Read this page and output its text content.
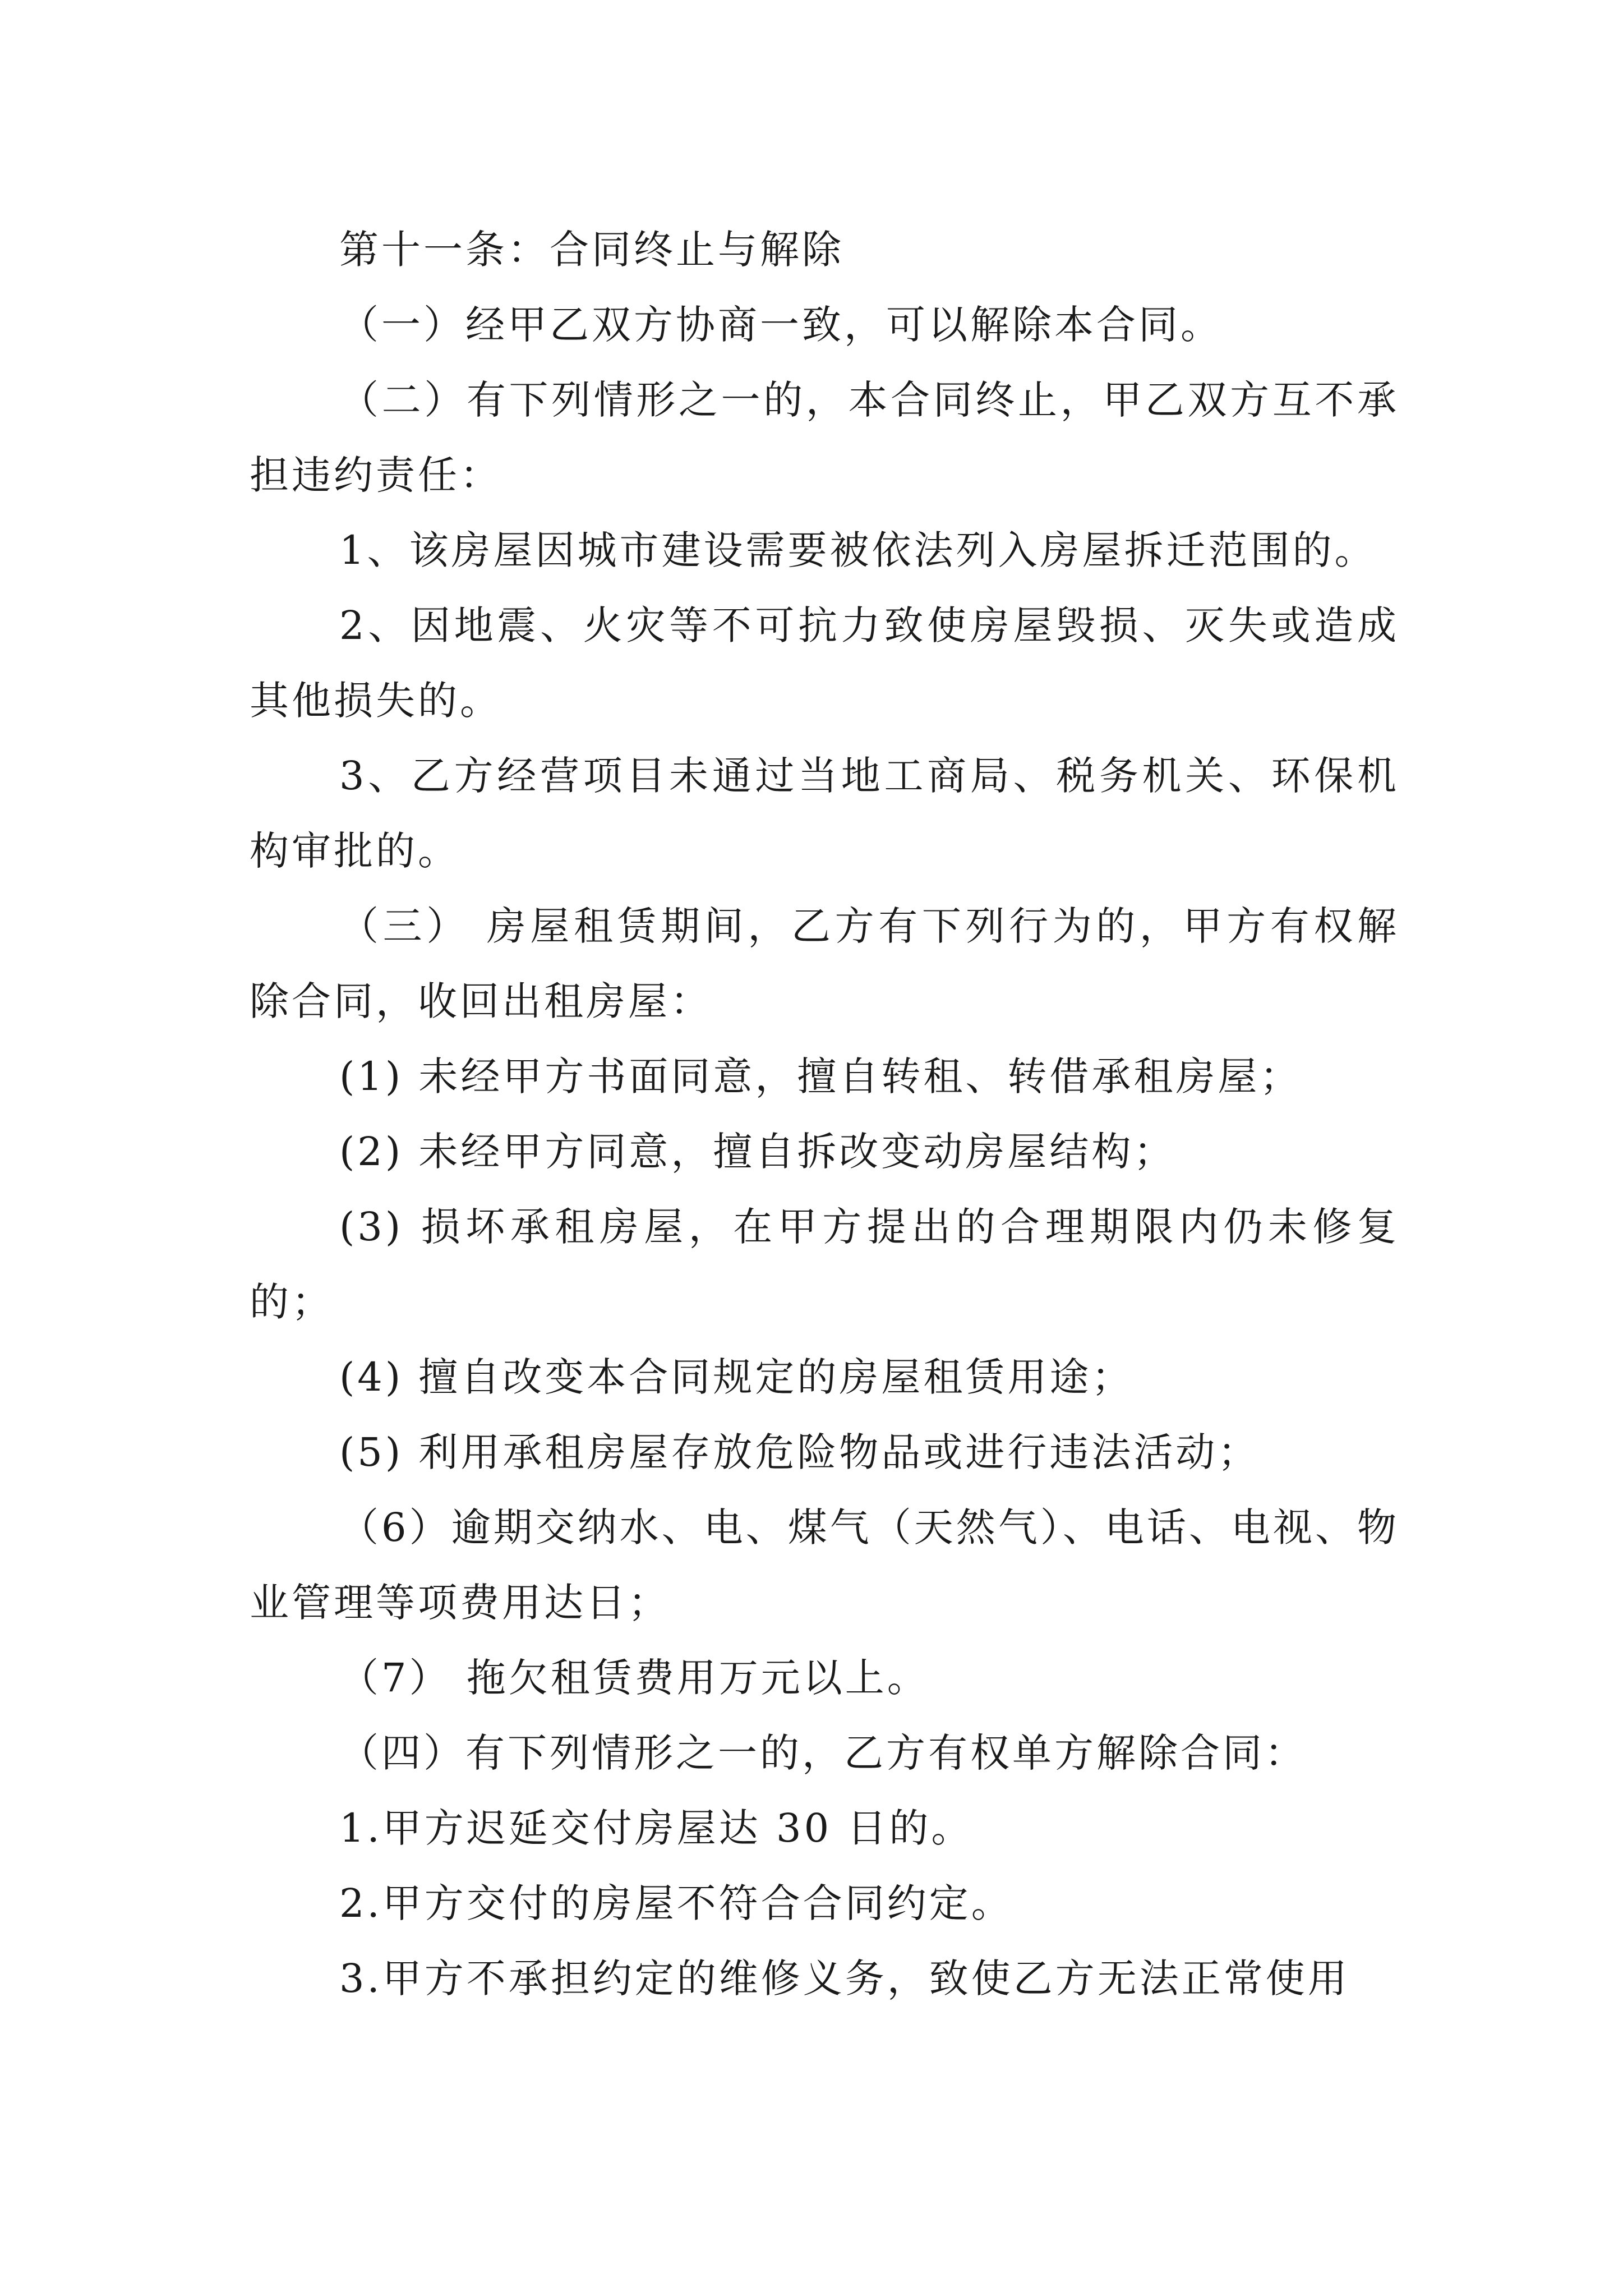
第十一条：合同终止与解除

（一）经甲乙双方协商一致，可以解除本合同。

（二）有下列情形之一的，本合同终止，甲乙双方互不承担违约责任：

1、该房屋因城市建设需要被依法列入房屋拆迁范围的。

2、因地震、火灾等不可抗力致使房屋毁损、灭失或造成其他损失的。

3、乙方经营项目未通过当地工商局、税务机关、环保机构审批的。

（三） 房屋租赁期间，乙方有下列行为的，甲方有权解除合同，收回出租房屋：

(1) 未经甲方书面同意，擅自转租、转借承租房屋；

(2) 未经甲方同意，擅自拆改变动房屋结构；

(3) 损坏承租房屋，在甲方提出的合理期限内仍未修复的；

(4) 擅自改变本合同规定的房屋租赁用途；

(5) 利用承租房屋存放危险物品或进行违法活动；

（6）逾期交纳水、电、煤气（天然气）、电话、电视、物业管理等项费用达日；

（7） 拖欠租赁费用万元以上。

（四）有下列情形之一的，乙方有权单方解除合同：

1.甲方迟延交付房屋达 30 日的。

2.甲方交付的房屋不符合合同约定。

3.甲方不承担约定的维修义务，致使乙方无法正常使用
